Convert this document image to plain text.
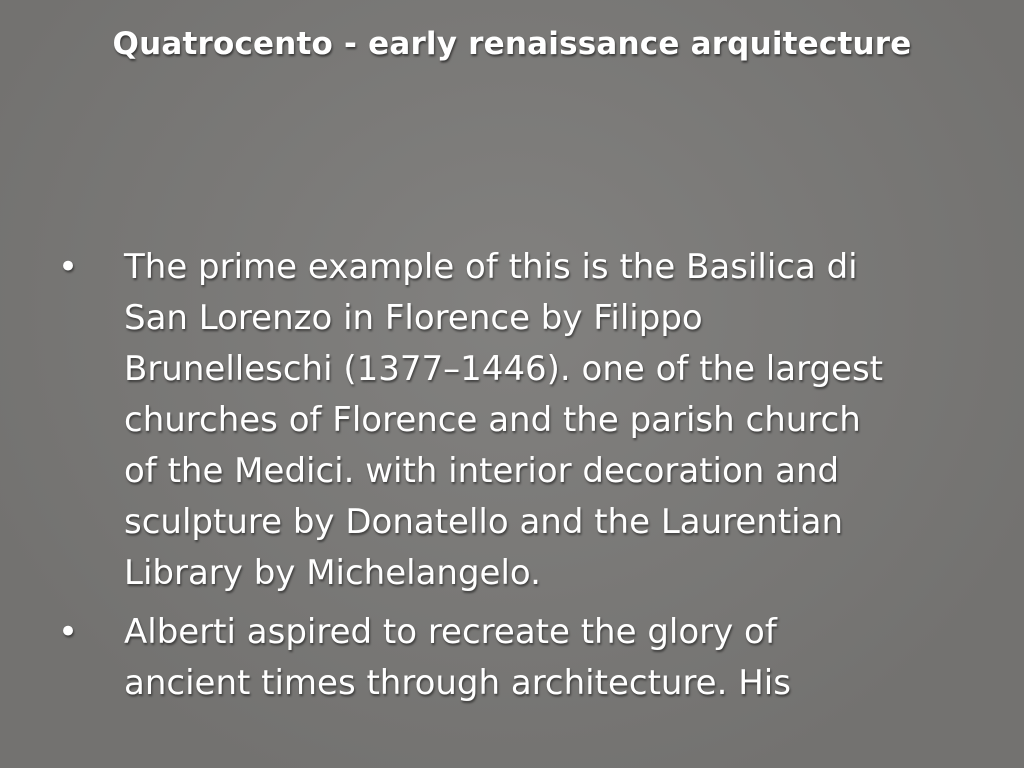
Quatrocento - early renaissance arquitecture
• The prime example of this is the Basilica di San Lorenzo in Florence by Filippo Brunelleschi (1377–1446). one of the largest churches of Florence and the parish church of the Medici. with interior decoration and sculpture by Donatello and the Laurentian Library by Michelangelo.
• Alberti aspired to recreate the glory of ancient times through architecture. His
